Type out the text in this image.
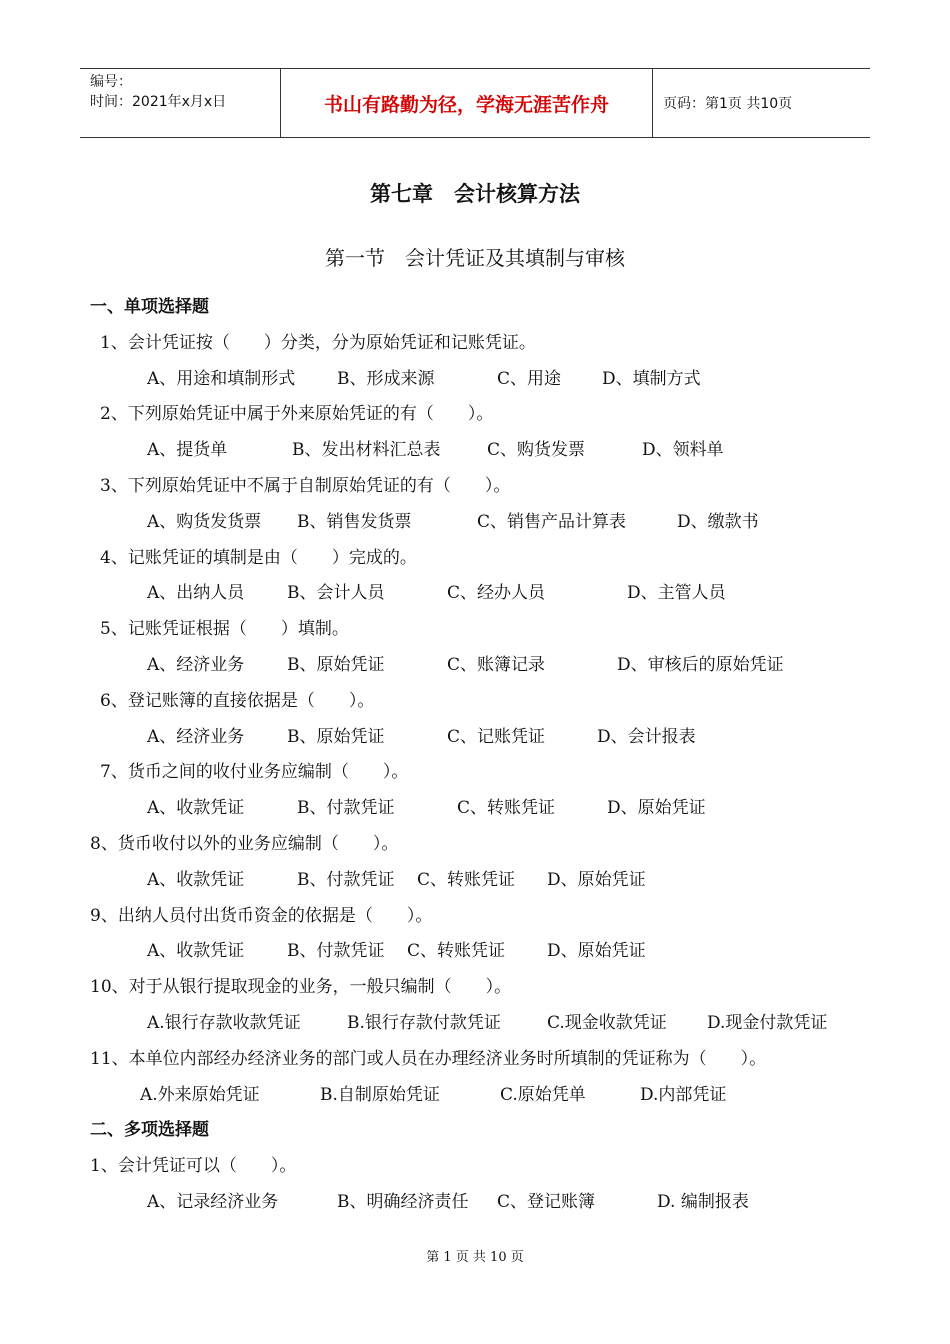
编号：
时间：2021年x月x日	书山有路勤为径，学海无涯苦作舟	页码：第1页 共10页
第七章　会计核算方法
第一节　会计凭证及其填制与审核
一、单项选择题
1、会计凭证按（　　）分类，分为原始凭证和记账凭证。
A、用途和填制形式 B、形成来源	C、用途 D、填制方式
2、下列原始凭证中属于外来原始凭证的有（　　）。
A、提货单	B、发出材料汇总表	C、购货发票	D、领料单
3、下列原始凭证中不属于自制原始凭证的有（　　）。
A、购货发货票 B、销售发货票	C、销售产品计算表	D、缴款书
4、记账凭证的填制是由（　　）完成的。
A、出纳人员	B、会计人员	C、经办人员	D、主管人员
5、记账凭证根据（　　）填制。
A、经济业务	B、原始凭证	C、账簿记录	D、审核后的原始凭证
6、登记账簿的直接依据是（　　）。
A、经济业务	B、原始凭证	C、记账凭证	D、会计报表
7、货币之间的收付业务应编制（　　）。
A、收款凭证	B、付款凭证	C、转账凭证	D、原始凭证
8、货币收付以外的业务应编制（　　）。
A、收款凭证	B、付款凭证 C、转账凭证 D、原始凭证
9、出纳人员付出货币资金的依据是（　　）。
A、收款凭证	B、付款凭证 C、转账凭证 D、原始凭证
10、对于从银行提取现金的业务，一般只编制（　　）。
A.银行存款收款凭证	B.银行存款付款凭证	C.现金收款凭证 D.现金付款凭证
11、本单位内部经办经济业务的部门或人员在办理经济业务时所填制的凭证称为（　　）。
A.外来原始凭证	B.自制原始凭证	C.原始凭单	D.内部凭证
二、多项选择题
1、会计凭证可以（　　）。
A、记录经济业务	B、明确经济责任 C、登记账簿	D. 编制报表
第 1 页 共 10 页
